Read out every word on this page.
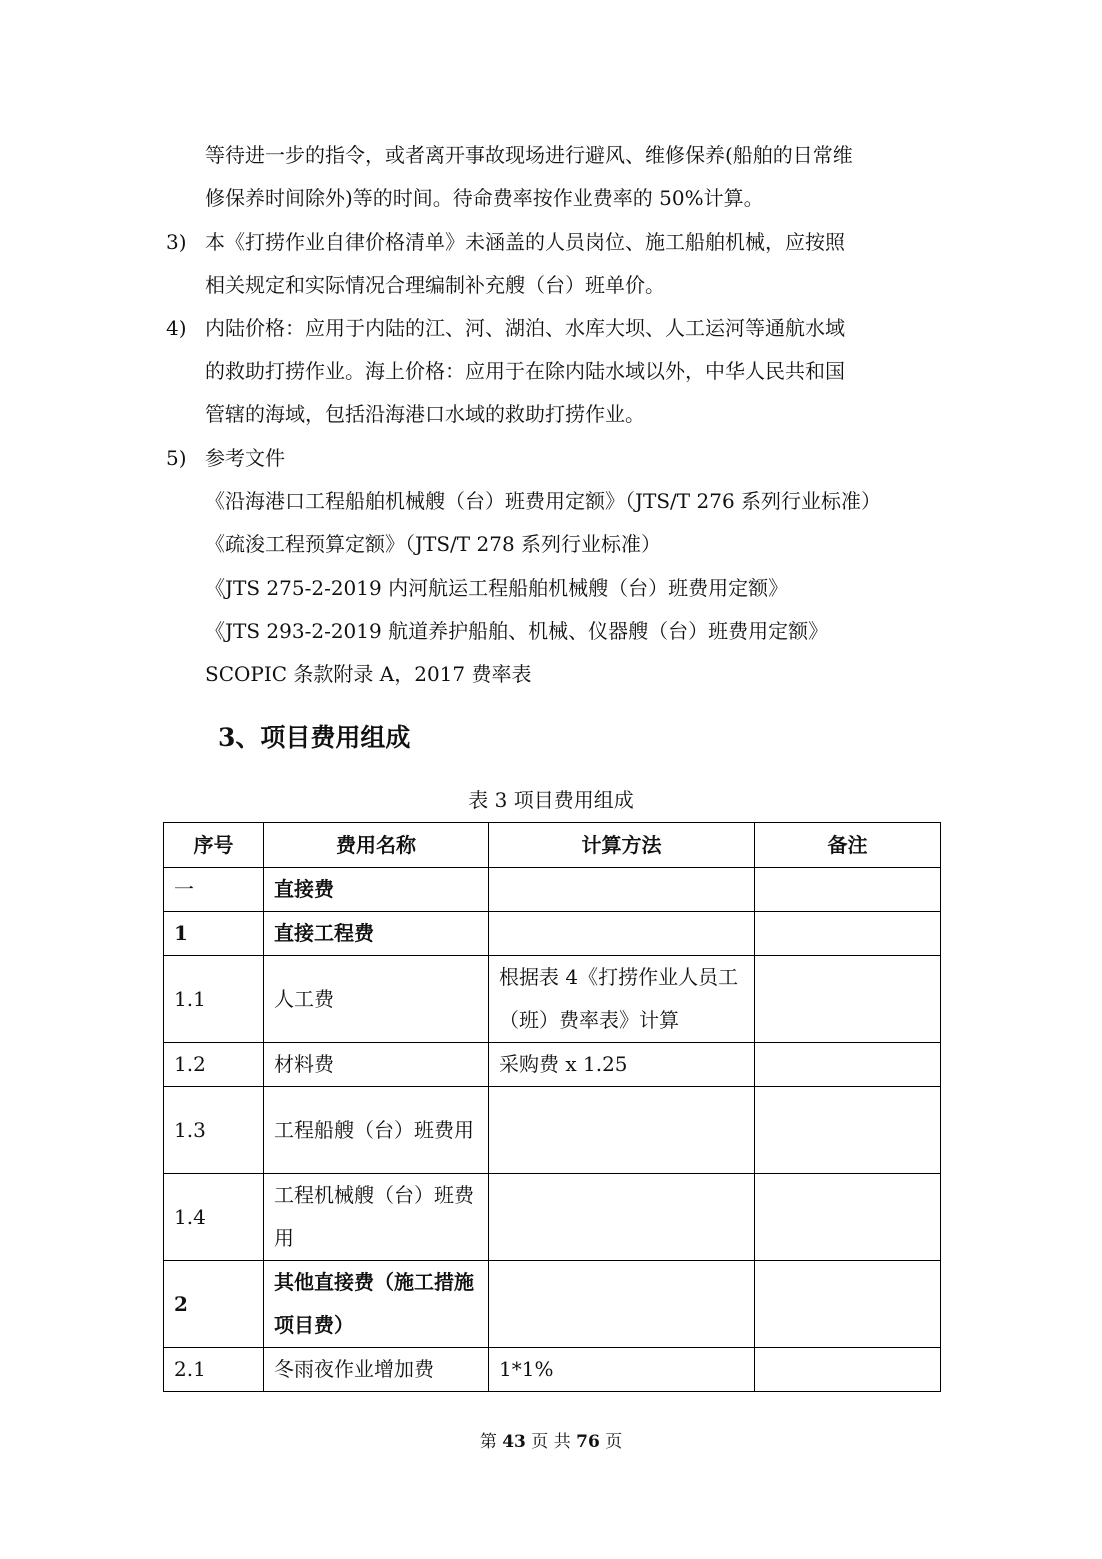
等待进一步的指令，或者离开事故现场进行避风、维修保养(船舶的日常维
修保养时间除外)等的时间。待命费率按作业费率的 50%计算。
3) 本《打捞作业自律价格清单》未涵盖的人员岗位、施工船舶机械，应按照
相关规定和实际情况合理编制补充艘（台）班单价。
4) 内陆价格：应用于内陆的江、河、湖泊、水库大坝、人工运河等通航水域
的救助打捞作业。海上价格：应用于在除内陆水域以外，中华人民共和国
管辖的海域，包括沿海港口水域的救助打捞作业。
5) 参考文件
《沿海港口工程船舶机械艘（台）班费用定额》（JTS/T 276 系列行业标准）
《疏浚工程预算定额》（JTS/T 278 系列行业标准）
《JTS 275-2-2019 内河航运工程船舶机械艘（台）班费用定额》
《JTS 293-2-2019 航道养护船舶、机械、仪器艘（台）班费用定额》
SCOPIC 条款附录 A，2017 费率表
3、项目费用组成
表 3 项目费用组成
序号	费用名称	计算方法	备注
一	直接费		
1	直接工程费		
1.1	人工费	根据表 4《打捞作业人员工（班）费率表》计算	
1.2	材料费	采购费 x 1.25	
1.3	工程船艘（台）班费用		
1.4	工程机械艘（台）班费用		
2	其他直接费（施工措施项目费）		
2.1	冬雨夜作业增加费	1*1%	
第 43 页 共 76 页
